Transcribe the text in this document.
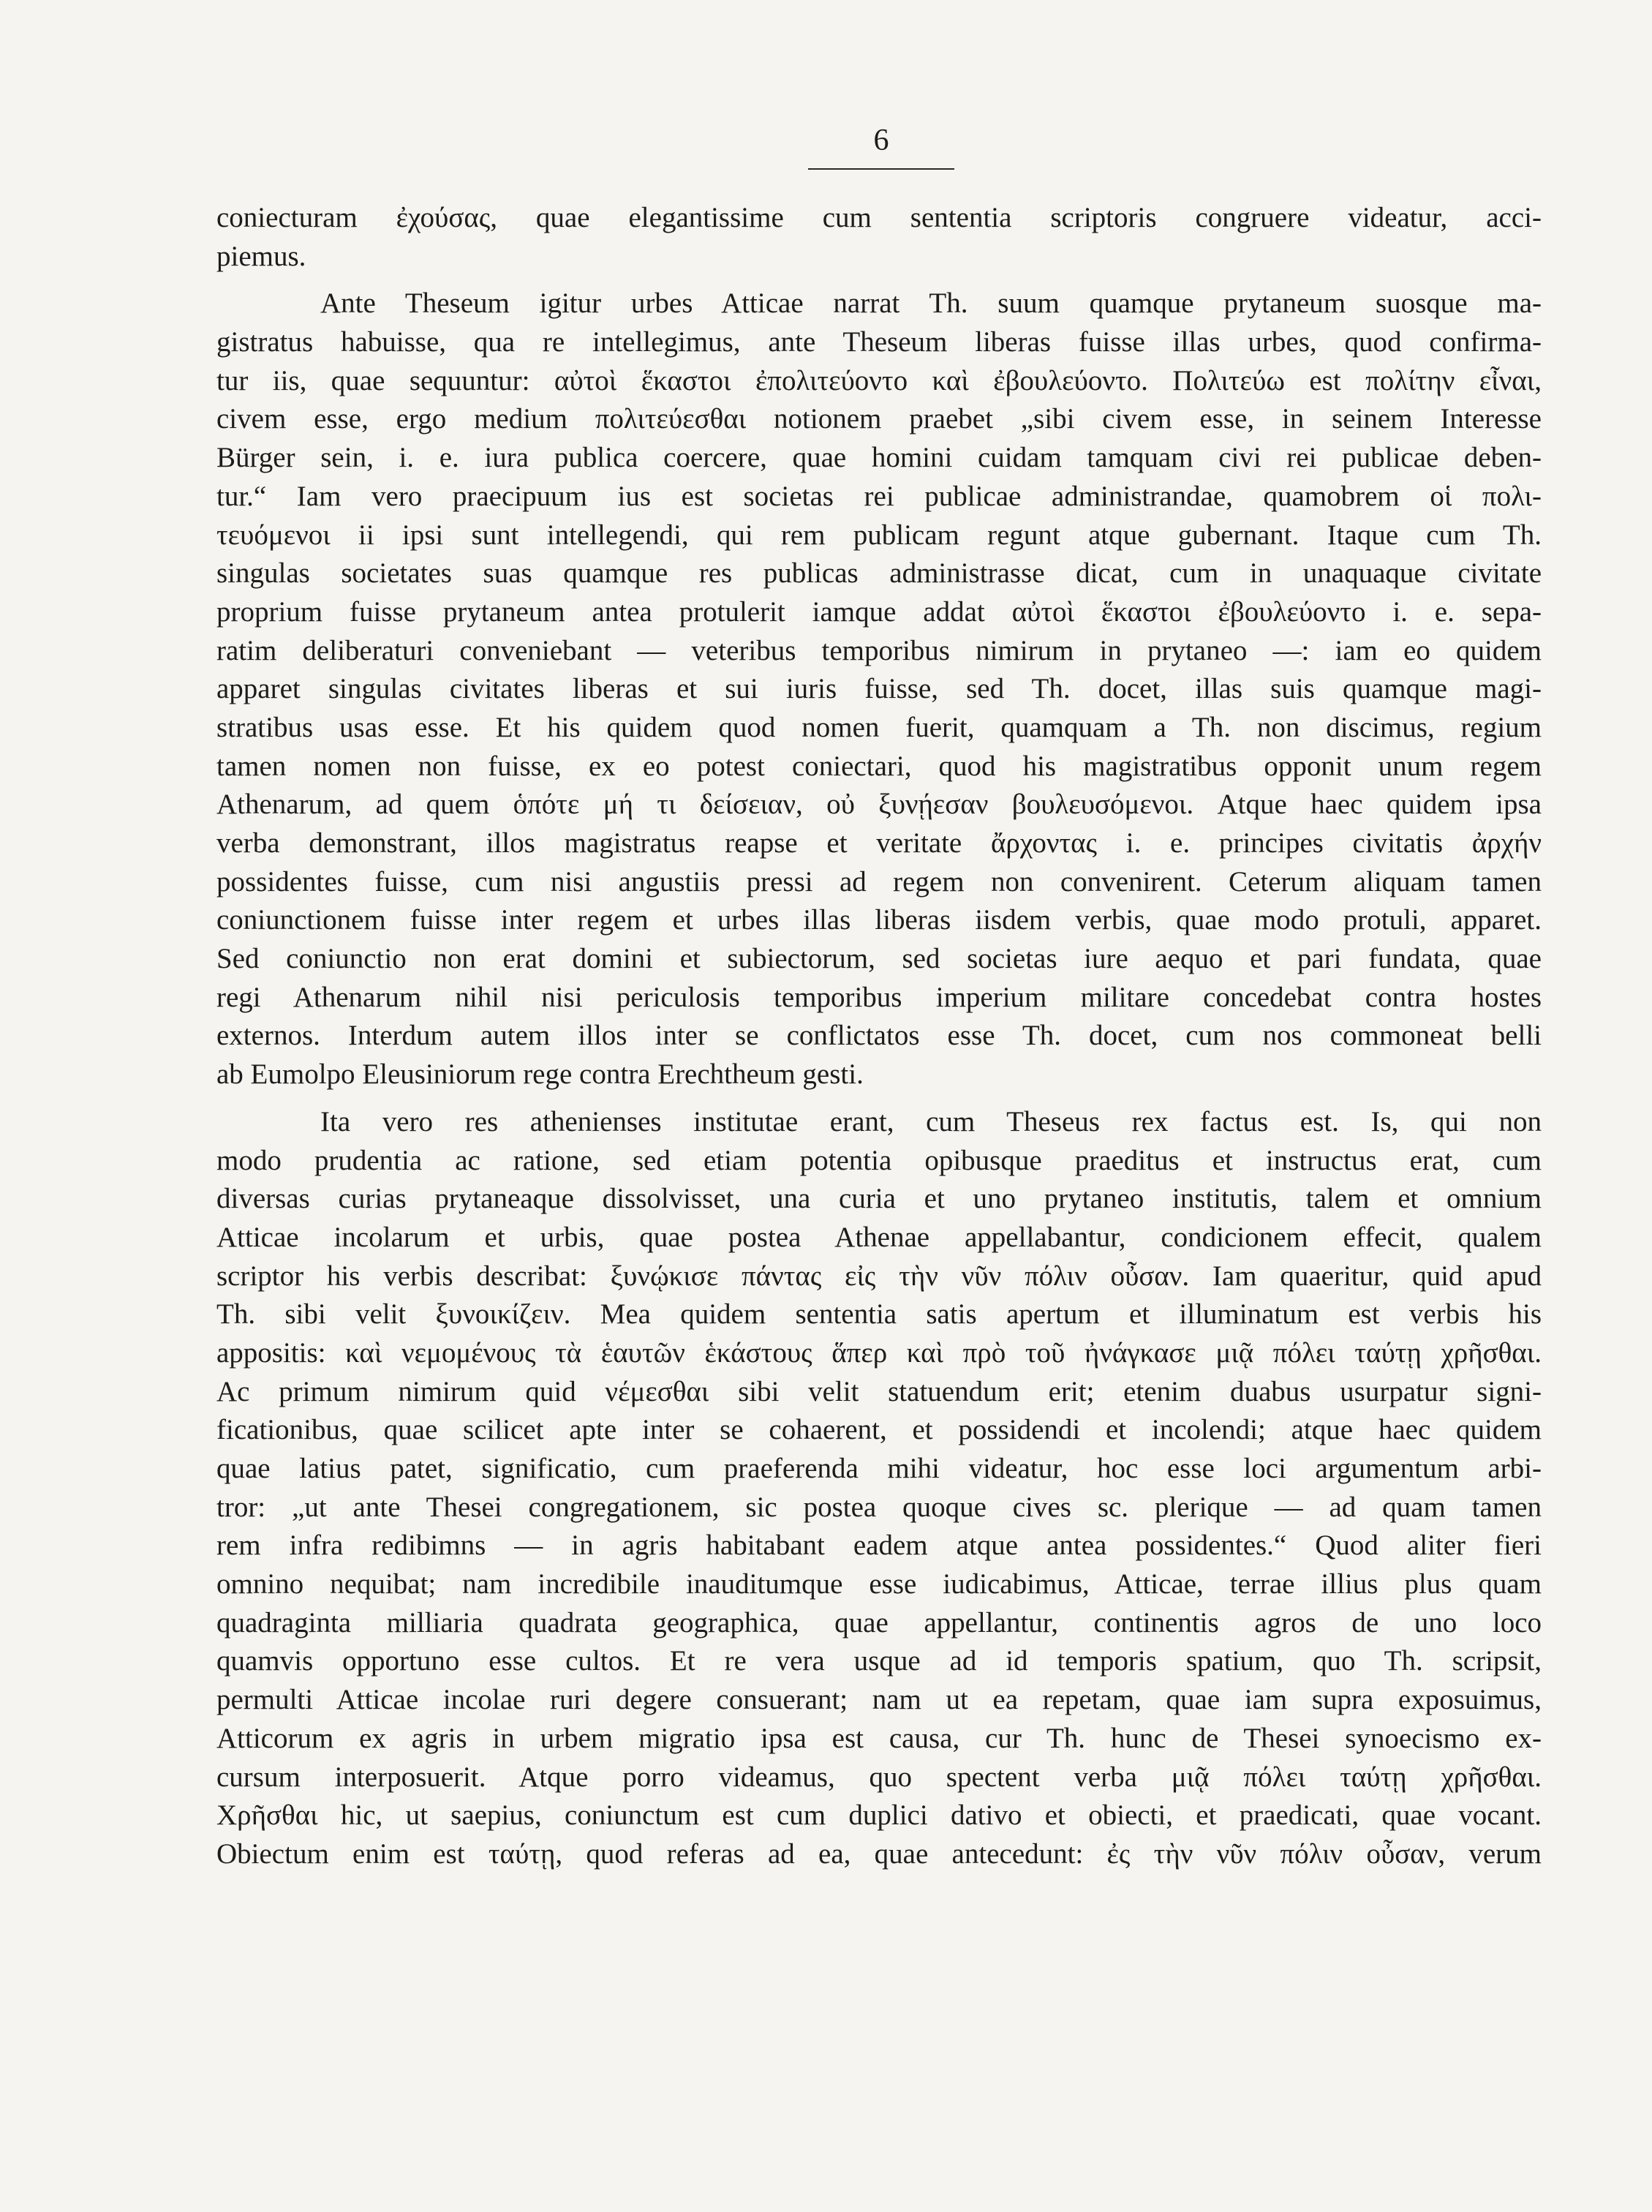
6
coniecturam ἐχούσας, quae elegantissime cum sententia scriptoris congruere videatur, acci-
piemus.
Ante Theseum igitur urbes Atticae narrat Th. suum quamque prytaneum suosque ma-
gistratus habuisse, qua re intellegimus, ante Theseum liberas fuisse illas urbes, quod confirma-
tur iis, quae sequuntur: αὐτοὶ ἕκαστοι ἐπολιτεύοντο καὶ ἐβουλεύοντο. Πολιτεύω est πολίτην εἶναι,
civem esse, ergo medium πολιτεύεσθαι notionem praebet „sibi civem esse, in seinem Interesse
Bürger sein, i. e. iura publica coercere, quae homini cuidam tamquam civi rei publicae deben-
tur.“ Iam vero praecipuum ius est societas rei publicae administrandae, quamobrem οἱ πολι-
τευόμενοι ii ipsi sunt intellegendi, qui rem publicam regunt atque gubernant. Itaque cum Th.
singulas societates suas quamque res publicas administrasse dicat, cum in unaquaque civitate
proprium fuisse prytaneum antea protulerit iamque addat αὐτοὶ ἕκαστοι ἐβουλεύοντο i. e. sepa-
ratim deliberaturi conveniebant — veteribus temporibus nimirum in prytaneo —: iam eo quidem
apparet singulas civitates liberas et sui iuris fuisse, sed Th. docet, illas suis quamque magi-
stratibus usas esse. Et his quidem quod nomen fuerit, quamquam a Th. non discimus, regium
tamen nomen non fuisse, ex eo potest coniectari, quod his magistratibus opponit unum regem
Athenarum, ad quem ὁπότε μή τι δείσειαν, οὐ ξυνῄεσαν βουλευσόμενοι. Atque haec quidem ipsa
verba demonstrant, illos magistratus reapse et veritate ἄρχοντας i. e. principes civitatis ἀρχήν
possidentes fuisse, cum nisi angustiis pressi ad regem non convenirent. Ceterum aliquam tamen
coniunctionem fuisse inter regem et urbes illas liberas iisdem verbis, quae modo protuli, apparet.
Sed coniunctio non erat domini et subiectorum, sed societas iure aequo et pari fundata, quae
regi Athenarum nihil nisi periculosis temporibus imperium militare concedebat contra hostes
externos. Interdum autem illos inter se conflictatos esse Th. docet, cum nos commoneat belli
ab Eumolpo Eleusiniorum rege contra Erechtheum gesti.
Ita vero res athenienses institutae erant, cum Theseus rex factus est. Is, qui non
modo prudentia ac ratione, sed etiam potentia opibusque praeditus et instructus erat, cum
diversas curias prytaneaque dissolvisset, una curia et uno prytaneo institutis, talem et omnium
Atticae incolarum et urbis, quae postea Athenae appellabantur, condicionem effecit, qualem
scriptor his verbis describat: ξυνῴκισε πάντας εἰς τὴν νῦν πόλιν οὖσαν. Iam quaeritur, quid apud
Th. sibi velit ξυνοικίζειν. Mea quidem sententia satis apertum et illuminatum est verbis his
appositis: καὶ νεμομένους τὰ ἑαυτῶν ἑκάστους ἅπερ καὶ πρὸ τοῦ ἠνάγκασε μιᾷ πόλει ταύτῃ χρῆσθαι.
Ac primum nimirum quid νέμεσθαι sibi velit statuendum erit; etenim duabus usurpatur signi-
ficationibus, quae scilicet apte inter se cohaerent, et possidendi et incolendi; atque haec quidem
quae latius patet, significatio, cum praeferenda mihi videatur, hoc esse loci argumentum arbi-
tror: „ut ante Thesei congregationem, sic postea quoque cives sc. plerique — ad quam tamen
rem infra redibimns — in agris habitabant eadem atque antea possidentes.“ Quod aliter fieri
omnino nequibat; nam incredibile inauditumque esse iudicabimus, Atticae, terrae illius plus quam
quadraginta milliaria quadrata geographica, quae appellantur, continentis agros de uno loco
quamvis opportuno esse cultos. Et re vera usque ad id temporis spatium, quo Th. scripsit,
permulti Atticae incolae ruri degere consuerant; nam ut ea repetam, quae iam supra exposuimus,
Atticorum ex agris in urbem migratio ipsa est causa, cur Th. hunc de Thesei synoecismo ex-
cursum interposuerit. Atque porro videamus, quo spectent verba μιᾷ πόλει ταύτῃ χρῆσθαι.
Χρῆσθαι hic, ut saepius, coniunctum est cum duplici dativo et obiecti, et praedicati, quae vocant.
Obiectum enim est ταύτῃ, quod referas ad ea, quae antecedunt: ἐς τὴν νῦν πόλιν οὖσαν, verum
